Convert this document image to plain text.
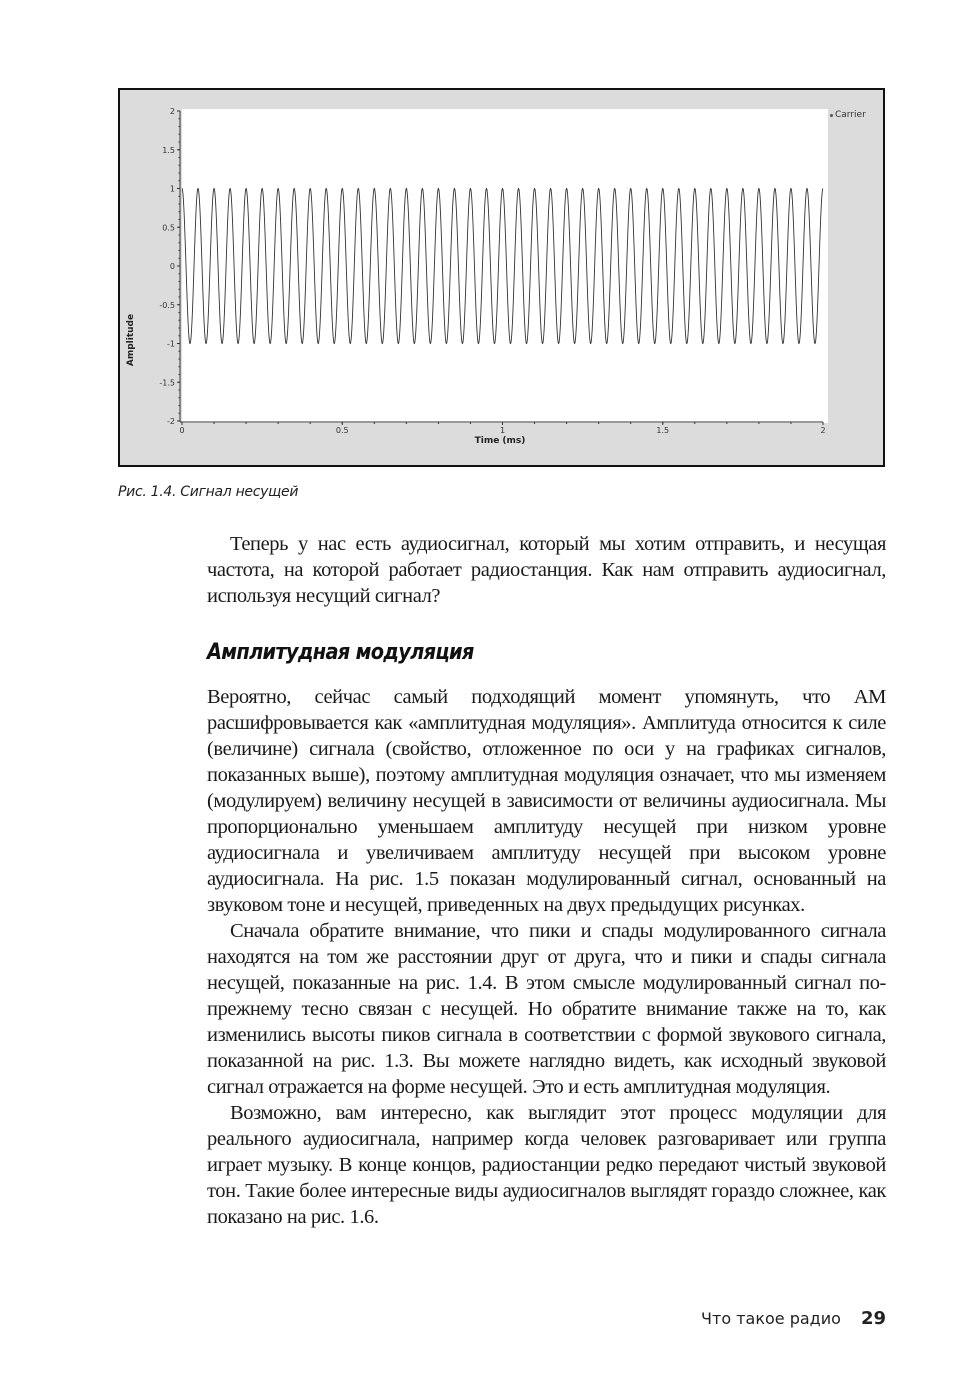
2
1.5
1
0.5
0
-0.5
-1
-1.5
-2
0	0.5	1	1.5	2
Amplitude
Time (ms)
Carrier
Рис. 1.4. Сигнал несущей

Теперь у нас есть аудиосигнал, который мы хотим отправить, и несущая частота, на которой работает радиостанция. Как нам отправить аудиосигнал, используя несущий сигнал?

Амплитудная модуляция

Вероятно, сейчас самый подходящий момент упомянуть, что АМ расшифровывается как «амплитудная модуляция». Амплитуда относится к силе (величине) сигнала (свойство, отложенное по оси y на графиках сигналов, показанных выше), поэтому амплитудная модуляция означает, что мы изменяем (модулируем) величину несущей в зависимости от величины аудиосигнала. Мы пропорционально уменьшаем амплитуду несущей при низком уровне аудиосигнала и увеличиваем амплитуду несущей при высоком уровне аудиосигнала. На рис. 1.5 показан модулированный сигнал, основанный на звуковом тоне и несущей, приведенных на двух предыдущих рисунках.

Сначала обратите внимание, что пики и спады модулированного сигнала находятся на том же расстоянии друг от друга, что и пики и спады сигнала несущей, показанные на рис. 1.4. В этом смысле модулированный сигнал по-прежнему тесно связан с несущей. Но обратите внимание также на то, как изменились высоты пиков сигнала в соответствии с формой звукового сигнала, показанной на рис. 1.3. Вы можете наглядно видеть, как исходный звуковой сигнал отражается на форме несущей. Это и есть амплитудная модуляция.

Возможно, вам интересно, как выглядит этот процесс модуляции для реального аудиосигнала, например когда человек разговаривает или группа играет музыку. В конце концов, радиостанции редко передают чистый звуковой тон. Такие более интересные виды аудиосигналов выглядят гораздо сложнее, как показано на рис. 1.6.

Что такое радио 29
